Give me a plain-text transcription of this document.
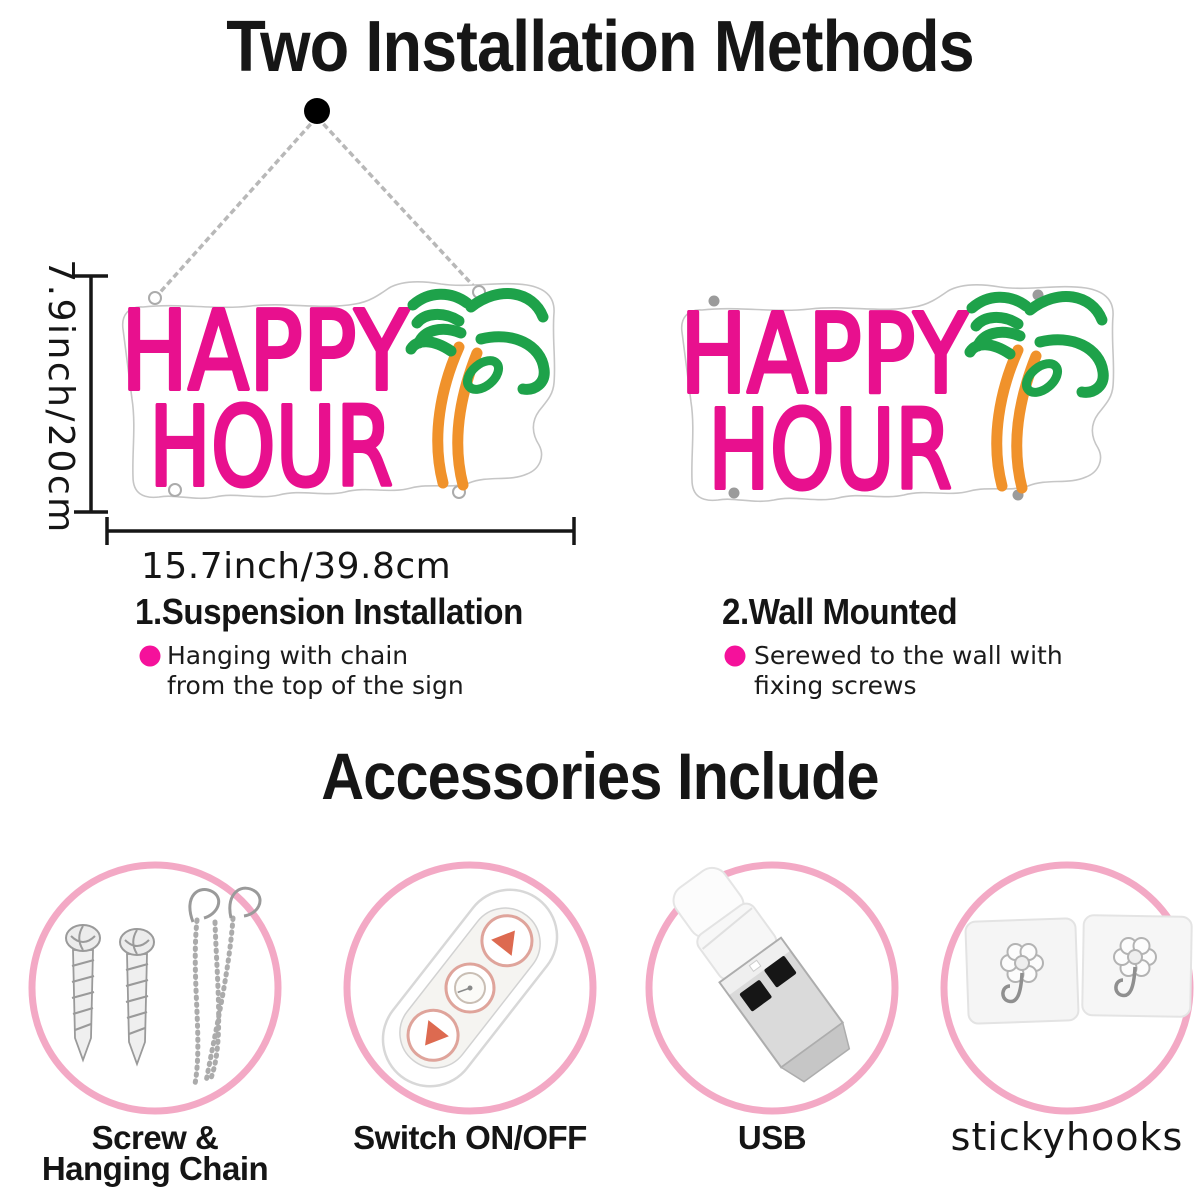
Two Installation Methods
HAPPY
HOUR
HAPPY
HOUR
7.9inch/20cm
15.7inch/39.8cm
1.Suspension Installation
Hanging with chain
from the top of the sign
2.Wall Mounted
Serewed to the wall with
fixing screws
Accessories Include
Screw &
Hanging Chain
Switch ON/OFF	USB	stickyhooks
